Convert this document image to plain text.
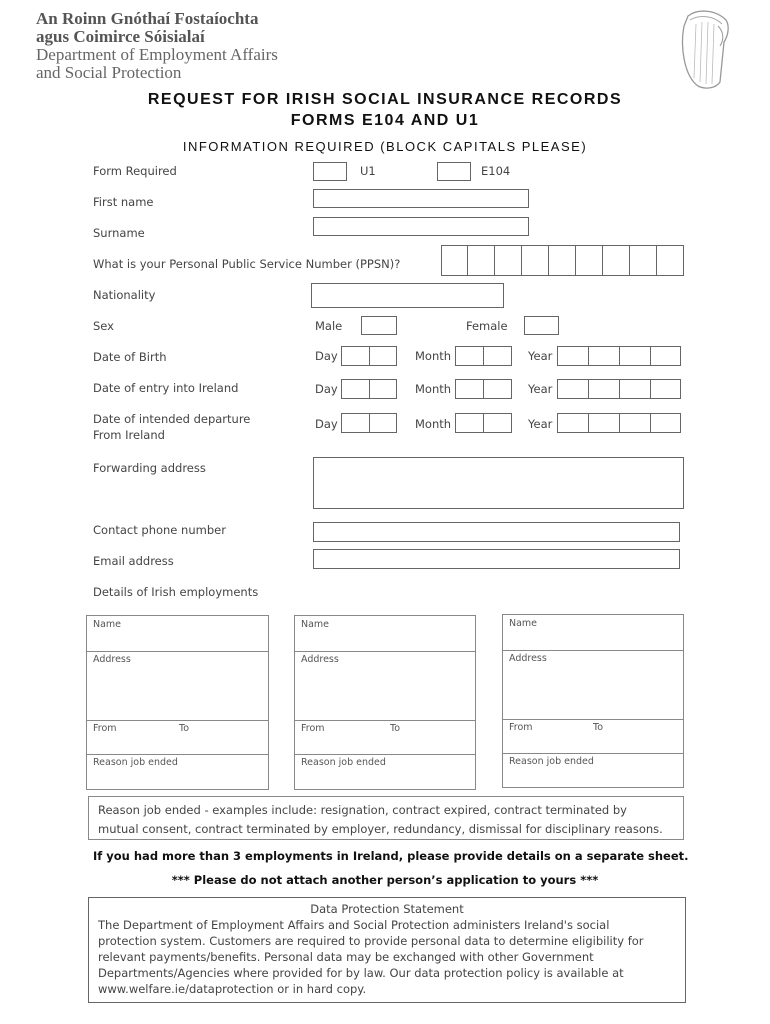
An Roinn Gnóthaí Fostaíochta
agus Coimirce Sóisialaí
Department of Employment Affairs
and Social Protection
REQUEST FOR IRISH SOCIAL INSURANCE RECORDS
FORMS E104 AND U1
INFORMATION REQUIRED (BLOCK CAPITALS PLEASE)
Form Required	U1	E104
First name
Surname
What is your Personal Public Service Number (PPSN)?
Nationality
Sex	Male	Female
Date of Birth	Day	Month	Year
Date of entry into Ireland	Day	Month	Year
Date of intended departure
From Ireland
Day	Month	Year
Forwarding address
Contact phone number
Email address
Details of Irish employments
Name
Address
From	To
Reason job ended
Name
Address
From	To
Reason job ended
Name
Address
From	To
Reason job ended
Reason job ended - examples include: resignation, contract expired, contract terminated by
mutual consent, contract terminated by employer, redundancy, dismissal for disciplinary reasons.
If you had more than 3 employments in Ireland, please provide details on a separate sheet.
*** Please do not attach another person’s application to yours ***
Data Protection Statement
The Department of Employment Affairs and Social Protection administers Ireland's social
protection system. Customers are required to provide personal data to determine eligibility for
relevant payments/benefits. Personal data may be exchanged with other Government
Departments/Agencies where provided for by law. Our data protection policy is available at
www.welfare.ie/dataprotection or in hard copy.
